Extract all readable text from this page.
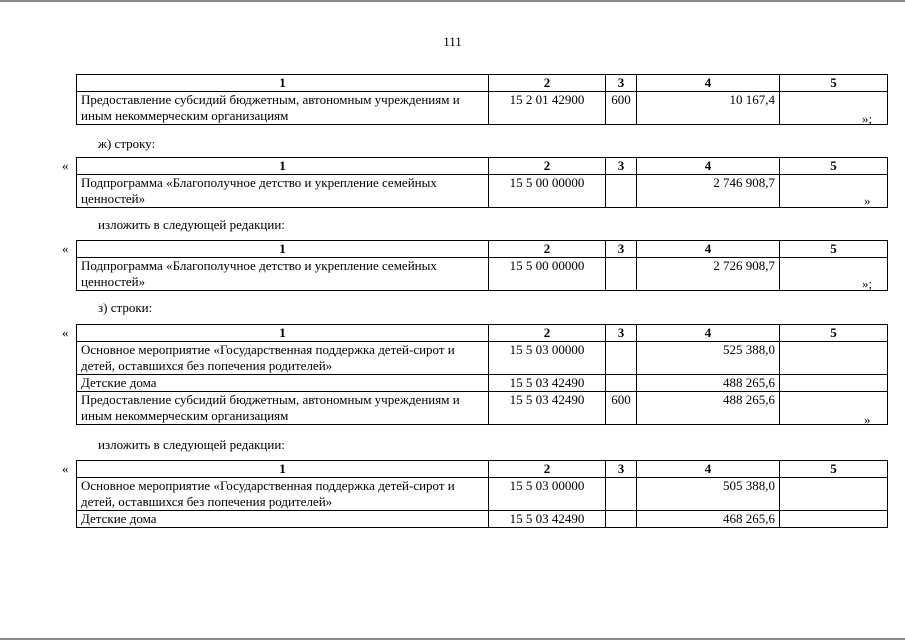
111
1	2	3	4	5
Предоставление субсидий бюджетным, автономным учреждениям и иным некоммерческим организациям	15 2 01 42900	600	10 167,4	
»;
ж) строку:
«	1	2	3	4	5
Подпрограмма «Благополучное детство и укрепление семейных ценностей»	15 5 00 00000		2 746 908,7	
»
изложить в следующей редакции:
«	1	2	3	4	5
Подпрограмма «Благополучное детство и укрепление семейных ценностей»	15 5 00 00000		2 726 908,7	
»;
з) строки:
«	1	2	3	4	5
Основное мероприятие «Государственная поддержка детей-сирот и детей, оставшихся без попечения родителей»	15 5 03 00000		525 388,0	
Детские дома	15 5 03 42490		488 265,6	
Предоставление субсидий бюджетным, автономным учреждениям и иным некоммерческим организациям	15 5 03 42490	600	488 265,6	
»
изложить в следующей редакции:
«	1	2	3	4	5
Основное мероприятие «Государственная поддержка детей-сирот и детей, оставшихся без попечения родителей»	15 5 03 00000		505 388,0	
Детские дома	15 5 03 42490		468 265,6	
